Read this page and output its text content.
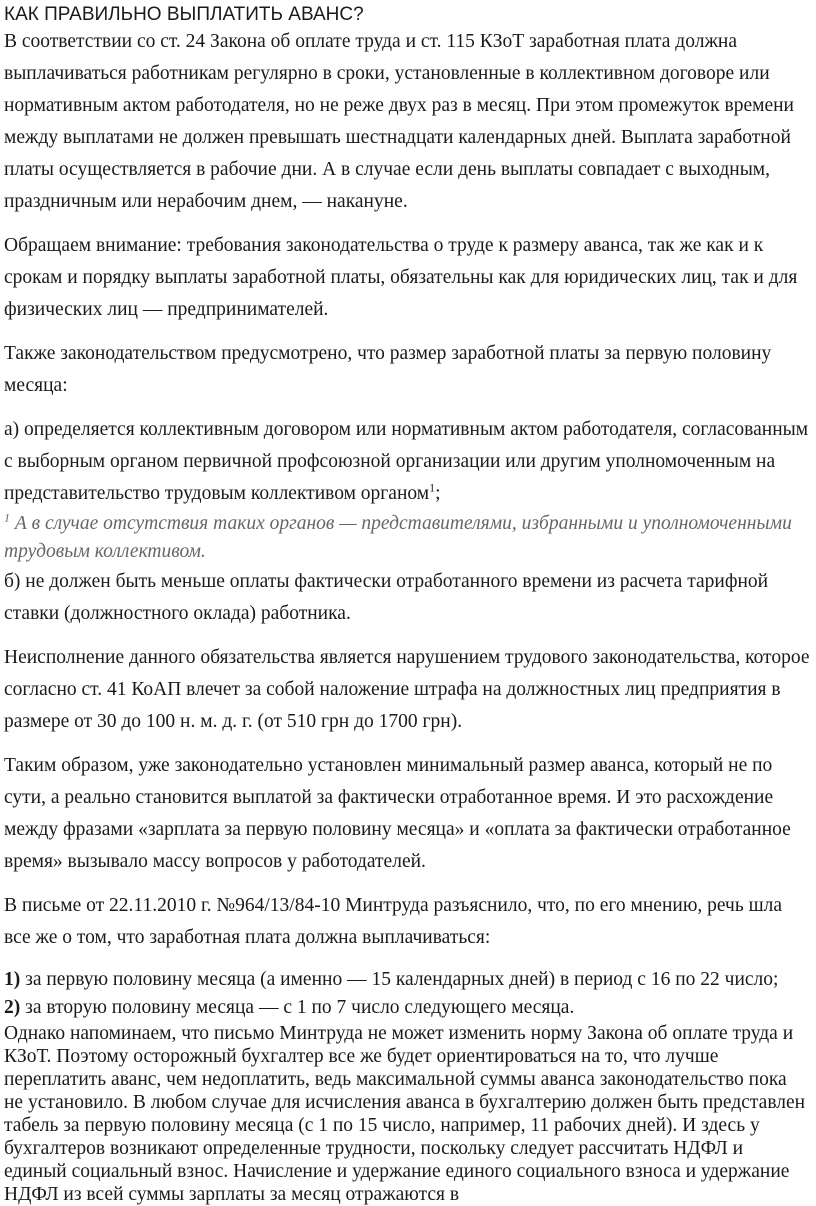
КАК ПРАВИЛЬНО ВЫПЛАТИТЬ АВАНС?

В соответствии со ст. 24 Закона об оплате труда и ст. 115 КЗоТ заработная плата должна выплачиваться работникам регулярно в сроки, установленные в коллективном договоре или нормативным актом работодателя, но не реже двух раз в месяц. При этом промежуток времени между выплатами не должен превышать шестнадцати календарных дней. Выплата заработной платы осуществляется в рабочие дни. А в случае если день выплаты совпадает с выходным, праздничным или нерабочим днем, — накануне.

Обращаем внимание: требования законодательства о труде к размеру аванса, так же как и к срокам и порядку выплаты заработной платы, обязательны как для юридических лиц, так и для физических лиц — предпринимателей.

Также законодательством предусмотрено, что размер заработной платы за первую половину месяца:

а) определяется коллективным договором или нормативным актом работодателя, согласованным с выборным органом первичной профсоюзной организации или другим уполномоченным на представительство трудовым коллективом органом$^1$;

$^1$ А в случае отсутствия таких органов — представителями, избранными и уполномоченными трудовым коллективом.

б) не должен быть меньше оплаты фактически отработанного времени из расчета тарифной ставки (должностного оклада) работника.

Неисполнение данного обязательства является нарушением трудового законодательства, которое согласно ст. 41 КоАП влечет за собой наложение штрафа на должностных лиц предприятия в размере от 30 до 100 н. м. д. г. (от 510 грн до 1700 грн).

Таким образом, уже законодательно установлен минимальный размер аванса, который не по сути, а реально становится выплатой за фактически отработанное время. И это расхождение между фразами «зарплата за первую половину месяца» и «оплата за фактически отработанное время» вызывало массу вопросов у работодателей.

В письме от 22.11.2010 г. №964/13/84-10 Минтруда разъяснило, что, по его мнению, речь шла все же о том, что заработная плата должна выплачиваться:

1) за первую половину месяца (а именно — 15 календарных дней) в период с 16 по 22 число;

2) за вторую половину месяца — с 1 по 7 число следующего месяца.

Однако напоминаем, что письмо Минтруда не может изменить норму Закона об оплате труда и КЗоТ. Поэтому осторожный бухгалтер все же будет ориентироваться на то, что лучше переплатить аванс, чем недоплатить, ведь максимальной суммы аванса законодательство пока не установило. В любом случае для исчисления аванса в бухгалтерию должен быть представлен табель за первую половину месяца (с 1 по 15 число, например, 11 рабочих дней). И здесь у бухгалтеров возникают определенные трудности, поскольку следует рассчитать НДФЛ и единый социальный взнос. Начисление и удержание единого социального взноса и удержание НДФЛ из всей суммы зарплаты за месяц отражаются в
